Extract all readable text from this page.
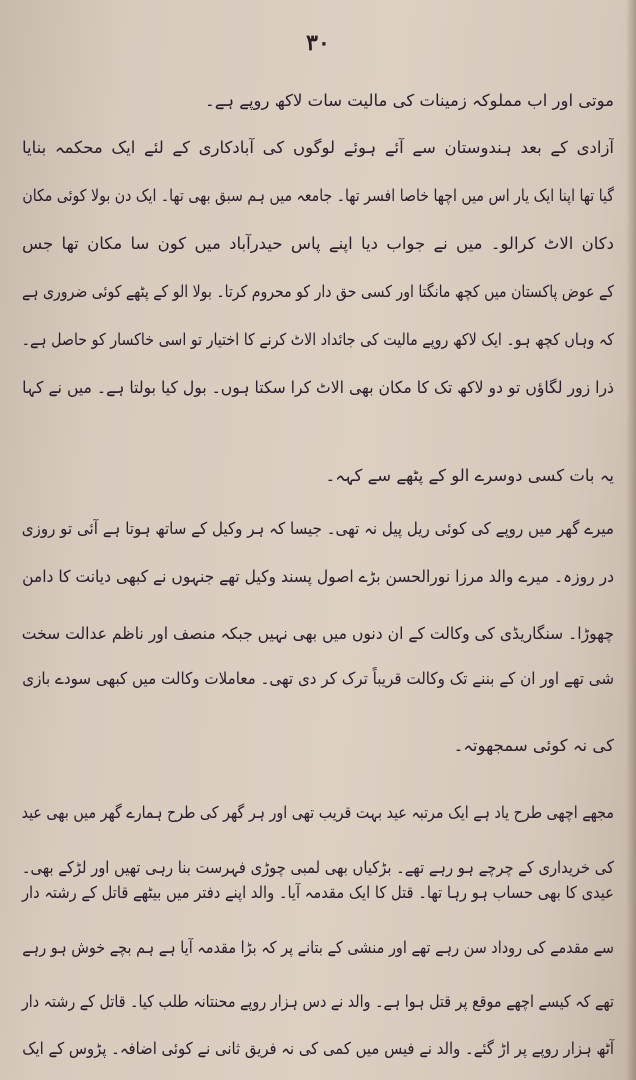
۳۰
موتی اور اب مملوکہ زمینات کی مالیت سات لاکھ روپے ہے۔
آزادی کے بعد ہندوستان سے آئے ہوئے لوگوں کی آبادکاری کے لئے ایک محکمہ بنایا
گیا تھا اپنا ایک یار اس میں اچھا خاصا افسر تھا۔ جامعہ میں ہم سبق بھی تھا۔ ایک دن بولا کوئی مکان
دکان الاٹ کرالو۔ میں نے جواب دیا اپنے پاس حیدرآباد میں کون سا مکان تھا جس
کے عوض پاکستان میں کچھ مانگتا اور کسی حق دار کو محروم کرتا۔ بولا الو کے پٹھے کوئی ضروری ہے
کہ وہاں کچھ ہو۔ ایک لاکھ روپے مالیت کی جائداد الاٹ کرنے کا اختیار تو اسی خاکسار کو حاصل ہے۔
ذرا زور لگاؤں تو دو لاکھ تک کا مکان بھی الاٹ کرا سکتا ہوں۔ بول کیا بولتا ہے۔ میں نے کہا
یہ بات کسی دوسرے الو کے پٹھے سے کہہ۔
میرے گھر میں روپے کی کوئی ریل پیل نہ تھی۔ جیسا کہ ہر وکیل کے ساتھ ہوتا ہے آئی تو روزی
در روزہ۔ میرے والد مرزا نورالحسن بڑے اصول پسند وکیل تھے جنہوں نے کبھی دیانت کا دامن
چھوڑا۔ سنگاریڈی کی وکالت کے ان دنوں میں بھی نہیں جبکہ منصف اور ناظم عدالت سخت
شی تھے اور ان کے بننے تک وکالت قریباً ترک کر دی تھی۔ معاملات وکالت میں کبھی سودے بازی
کی نہ کوئی سمجھوتہ۔
مجھے اچھی طرح یاد ہے ایک مرتبہ عید بہت قریب تھی اور ہر گھر کی طرح ہمارے گھر میں بھی عید
کی خریداری کے چرچے ہو رہے تھے۔ بڑکیاں بھی لمبی چوڑی فہرست بنا رہی تھیں اور لڑکے بھی۔
عیدی کا بھی حساب ہو رہا تھا۔ قتل کا ایک مقدمہ آیا۔ والد اپنے دفتر میں بیٹھے قاتل کے رشتہ دار
سے مقدمے کی روداد سن رہے تھے اور منشی کے بتانے پر کہ بڑا مقدمہ آیا ہے ہم بچے خوش ہو رہے
تھے کہ کیسے اچھے موقع پر قتل ہوا ہے۔ والد نے دس ہزار روپے محنتانہ طلب کیا۔ قاتل کے رشتہ دار
آٹھ ہزار روپے پر اڑ گئے۔ والد نے فیس میں کمی کی نہ فریق ثانی نے کوئی اضافہ۔ پڑوس کے ایک
